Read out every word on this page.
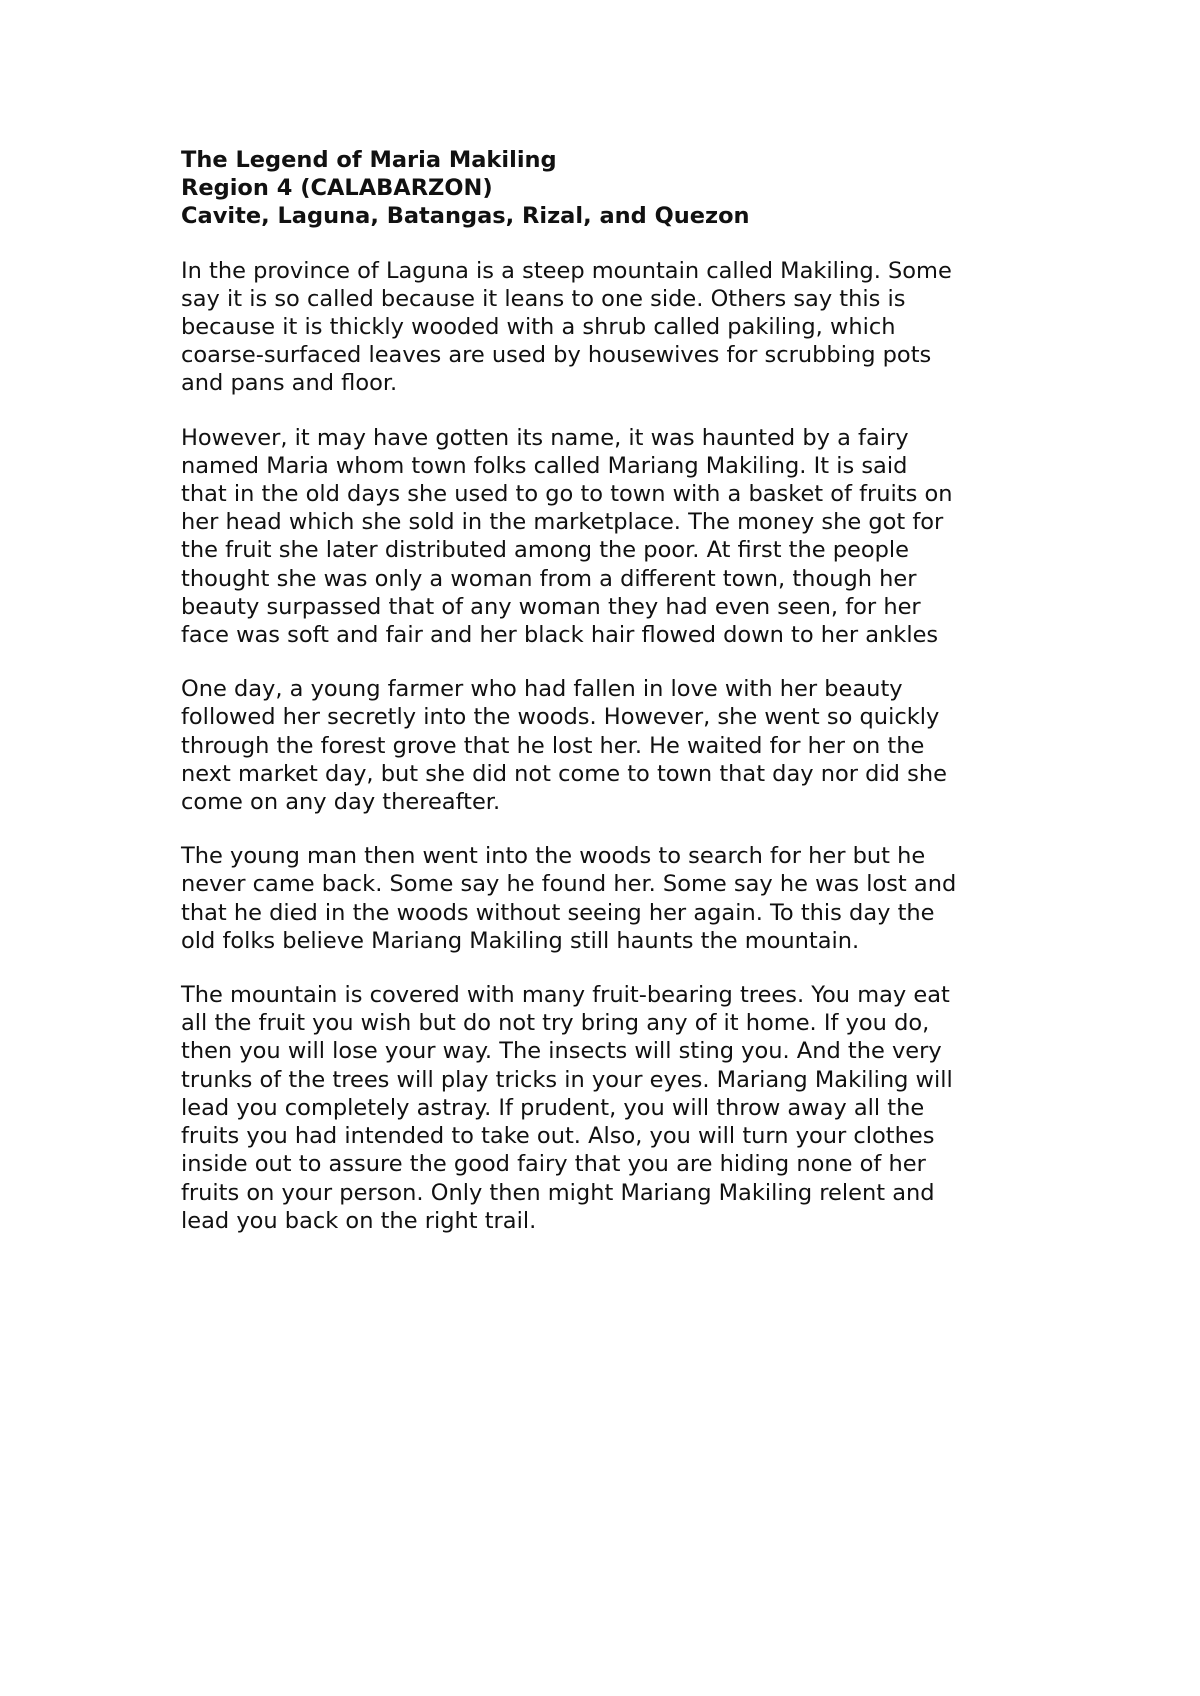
The Legend of Maria Makiling
Region 4 (CALABARZON)
Cavite, Laguna, Batangas, Rizal, and Quezon

In the province of Laguna is a steep mountain called Makiling. Some
say it is so called because it leans to one side. Others say this is
because it is thickly wooded with a shrub called pakiling, which
coarse-surfaced leaves are used by housewives for scrubbing pots
and pans and floor.

However, it may have gotten its name, it was haunted by a fairy
named Maria whom town folks called Mariang Makiling. It is said
that in the old days she used to go to town with a basket of fruits on
her head which she sold in the marketplace. The money she got for
the fruit she later distributed among the poor. At first the people
thought she was only a woman from a different town, though her
beauty surpassed that of any woman they had even seen, for her
face was soft and fair and her black hair flowed down to her ankles

One day, a young farmer who had fallen in love with her beauty
followed her secretly into the woods. However, she went so quickly
through the forest grove that he lost her. He waited for her on the
next market day, but she did not come to town that day nor did she
come on any day thereafter.

The young man then went into the woods to search for her but he
never came back. Some say he found her. Some say he was lost and
that he died in the woods without seeing her again. To this day the
old folks believe Mariang Makiling still haunts the mountain.

The mountain is covered with many fruit-bearing trees. You may eat
all the fruit you wish but do not try bring any of it home. If you do,
then you will lose your way. The insects will sting you. And the very
trunks of the trees will play tricks in your eyes. Mariang Makiling will
lead you completely astray. If prudent, you will throw away all the
fruits you had intended to take out. Also, you will turn your clothes
inside out to assure the good fairy that you are hiding none of her
fruits on your person. Only then might Mariang Makiling relent and
lead you back on the right trail.
